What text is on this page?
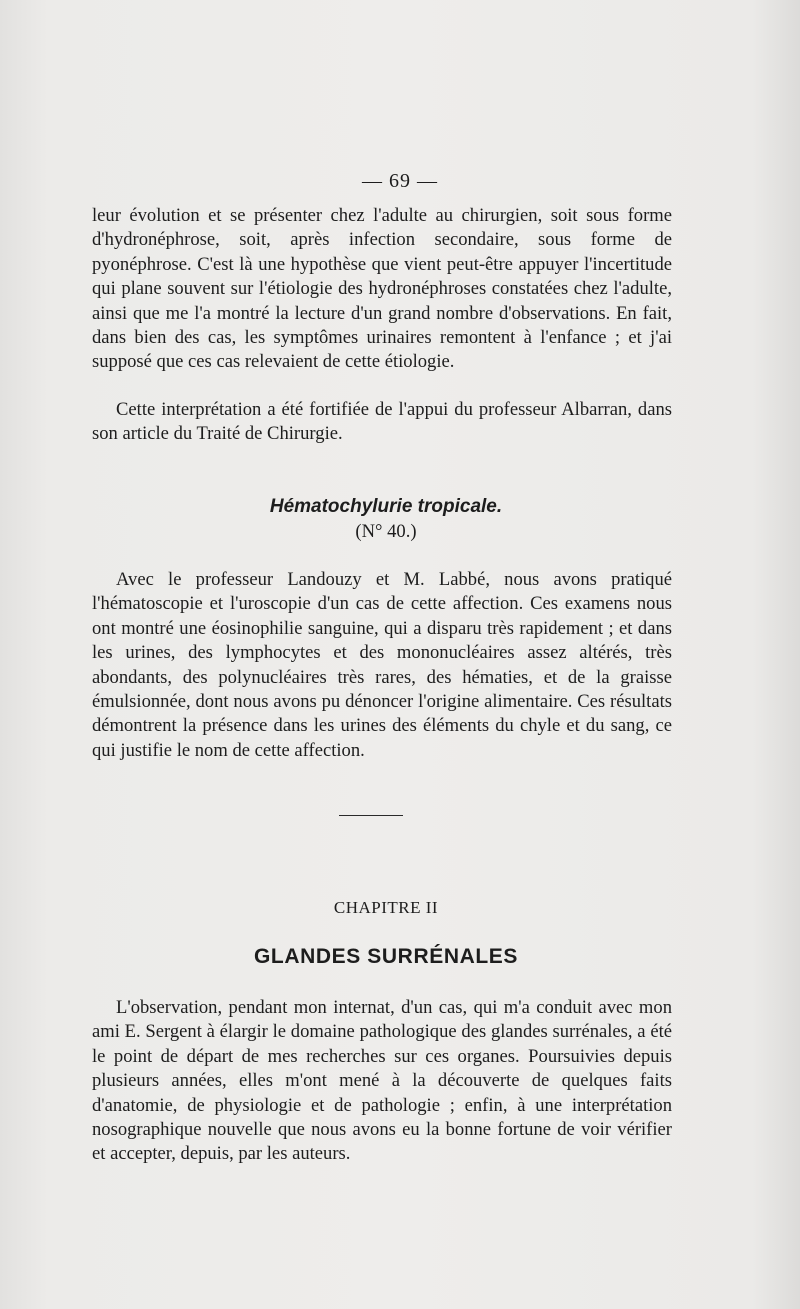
— 69 —

leur évolution et se présenter chez l'adulte au chirurgien, soit sous forme d'hydronéphrose, soit, après infection secondaire, sous forme de pyonéphrose. C'est là une hypothèse que vient peut-être appuyer l'incertitude qui plane souvent sur l'étiologie des hydronéphroses constatées chez l'adulte, ainsi que me l'a montré la lecture d'un grand nombre d'observations. En fait, dans bien des cas, les symptômes urinaires remontent à l'enfance ; et j'ai supposé que ces cas relevaient de cette étiologie.

Cette interprétation a été fortifiée de l'appui du professeur Albarran, dans son article du Traité de Chirurgie.

Hématochylurie tropicale.
(N° 40.)

Avec le professeur Landouzy et M. Labbé, nous avons pratiqué l'hématoscopie et l'uroscopie d'un cas de cette affection. Ces examens nous ont montré une éosinophilie sanguine, qui a disparu très rapidement ; et dans les urines, des lymphocytes et des mononucléaires assez altérés, très abondants, des polynucléaires très rares, des hématies, et de la graisse émulsionnée, dont nous avons pu dénoncer l'origine alimentaire. Ces résultats démontrent la présence dans les urines des éléments du chyle et du sang, ce qui justifie le nom de cette affection.

CHAPITRE II
GLANDES SURRÉNALES

L'observation, pendant mon internat, d'un cas, qui m'a conduit avec mon ami E. Sergent à élargir le domaine pathologique des glandes surrénales, a été le point de départ de mes recherches sur ces organes. Poursuivies depuis plusieurs années, elles m'ont mené à la découverte de quelques faits d'anatomie, de physiologie et de pathologie ; enfin, à une interprétation nosographique nouvelle que nous avons eu la bonne fortune de voir vérifier et accepter, depuis, par les auteurs.
